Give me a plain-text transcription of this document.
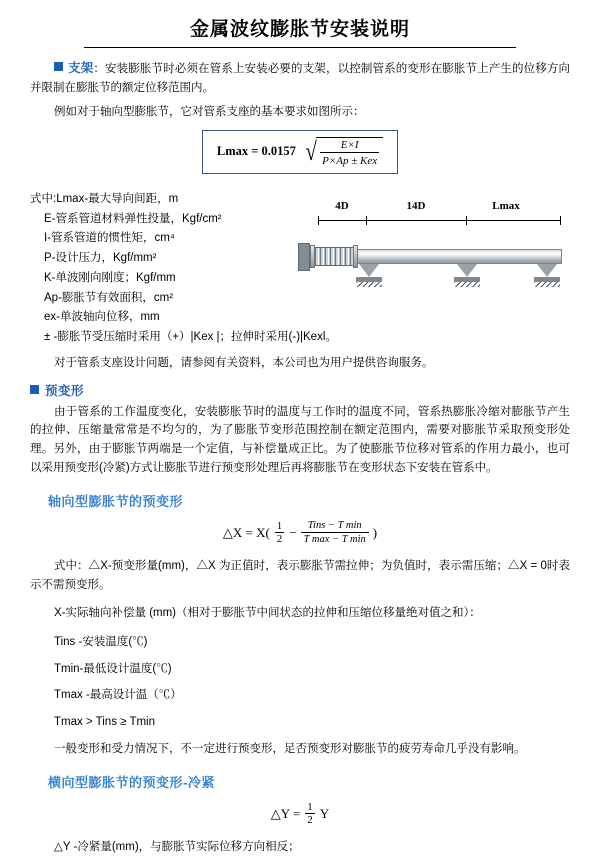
金属波纹膨胀节安装说明
支架：安装膨胀节时必须在管系上安装必要的支架，以控制管系的变形在膨胀节上产生的位移方向并限制在膨胀节的额定位移范围内。

例如对于轴向型膨胀节，它对管系支座的基本要求如图所示：

Lmax = 0.0157 √ $\frac{E\times I}{\text{P×Ap ± Kex}}$
式中:Lmax-最大导向间距，m
E-管系管道材料弹性投量，Kgf/cm²
I-管系管道的惯性矩，cm⁴
P-设计压力，Kgf/mm²
K-单波刚向刚度；Kgf/mm
Ap-膨胀节有效面积，cm²
ex-单波轴向位移，mm
± -膨胀节受压缩时采用（+）|Kex |；拉伸时采用(-)|Kexl。
4D	14D	Lmax

对于管系支座设计问题，请参阅有关资料，本公司也为用户提供咨询服务。

预变形

由于管系的工作温度变化，安装膨胀节时的温度与工作时的温度不同，管系热膨胀冷缩对膨胀节产生的拉伸、压缩量常常是不均匀的，为了膨胀节变形范围控制在额定范围内，需要对膨胀节采取预变形处理。另外，由于膨胀节两端是一个定值，与补偿量成正比。为了使膨胀节位移对管系的作用力最小，也可以采用预变形(冷紧)方式让膨胀节进行预变形处理后再将膨胀节在变形状态下安装在管系中。

轴向型膨胀节的预变形
△X = $X( \frac{1}{2}$ −	Tins − T min
T max − T min )

式中：△X-预变形量(mm)，△X 为正值时，表示膨胀节需拉伸；为负值时，表示需压缩；△X = 0时表示不需预变形。

X-实际轴向补偿量 (mm)（相对于膨胀节中间状态的拉伸和压缩位移量绝对值之和）：

Tins -安装温度(℃)

Tmin-最低设计温度(℃)

Tmax -最高设计温（℃）

Tmax > Tins ≥ Tmin

一般变形和受力情况下，不一定进行预变形，足否预变形对膨胀节的疲劳寿命几乎没有影响。

横向型膨胀节的预变形-冷紧
△Y = $\frac{1}{2}$ Y

△Y -冷紧量(mm)，与膨胀节实际位移方向相反；
